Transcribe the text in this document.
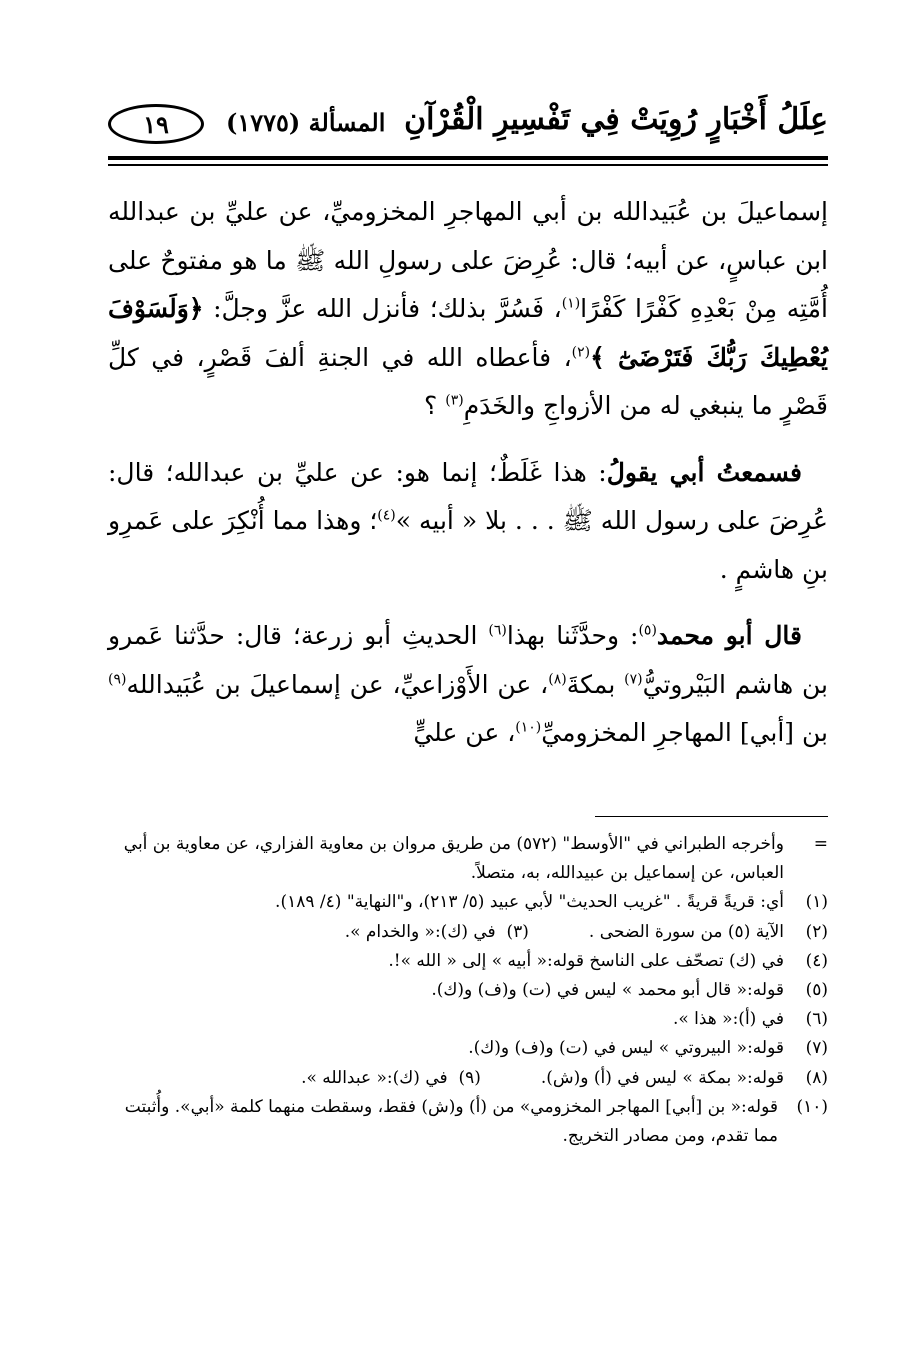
عِلَلُ أَخْبَارٍ رُوِيَتْ فِي تَفْسِيرِ الْقُرْآنِ
المسألة (١٧٧٥)
١٩

إسماعيلَ بن عُبَيدالله بن أبي المهاجرِ المخزوميِّ، عن عليِّ بن عبدالله ابن عباسٍ، عن أبيه؛ قال: عُرِضَ على رسولِ الله ﷺ ما هو مفتوحٌ على أُمَّتِه مِنْ بَعْدِهِ كَفْرًا كَفْرًا$^{(١)}$، فَسُرَّ بذلك؛ فأنزل الله عزَّ وجلَّ: ﴿وَلَسَوْفَ يُعْطِيكَ رَبُّكَ فَتَرْضَىٰٓ ﴾$^{(٢)}$، فأعطاه الله في الجنةِ ألفَ قَصْرٍ، في كلِّ قَصْرٍ ما ينبغي له من الأزواجِ والخَدَمِ$^{(٣)}$ ؟

فسمعتُ أبي يقولُ: هذا غَلَطٌ؛ إنما هو: عن عليِّ بن عبدالله؛ قال: عُرِضَ على رسول الله ﷺ . . . بلا « أبيه »$^{(٤)}$؛ وهذا مما أُنْكِرَ على عَمرِو بنِ هاشمٍ .

قال أبو محمد$^{(٥)}$: وحدَّثَنا بهذا$^{(٦)}$ الحديثِ أبو زرعة؛ قال: حدَّثنا عَمرو بن هاشم البَيْروتيُّ$^{(٧)}$ بمكةَ$^{(٨)}$، عن الأَوْزاعيِّ، عن إسماعيلَ بن عُبَيدالله$^{(٩)}$ بن [أبي] المهاجرِ المخزوميِّ$^{(١٠)}$، عن عليٍّ

=
وأخرجه الطبراني في "الأوسط" (٥٧٢) من طريق مروان بن معاوية الفزاري، عن معاوية بن أبي العباس، عن إسماعيل بن عبيدالله، به، متصلاً.
(١)
أي: قريةً قريةً . "غريب الحديث" لأبي عبيد (٥/ ٢١٣)، و"النهاية" (٤/ ١٨٩).
(٢)
الآية (٥) من سورة الضحى .(٣)  في (ك):« والخدام ».
(٤)
في (ك) تصحّف على الناسخ قوله:« أبيه » إلى « الله »!.
(٥)
قوله:« قال أبو محمد » ليس في (ت) و(ف) و(ك).
(٦)
في (أ):« هذا ».
(٧)
قوله:« البيروتي » ليس في (ت) و(ف) و(ك).
(٨)
قوله:« بمكة » ليس في (أ) و(ش).(٩)  في (ك):« عبدالله ».
(١٠)
قوله:« بن [أبي] المهاجر المخزومي» من (أ) و(ش) فقط، وسقطت منهما كلمة «أبي». وأُثبتت مما تقدم، ومن مصادر التخريج.
